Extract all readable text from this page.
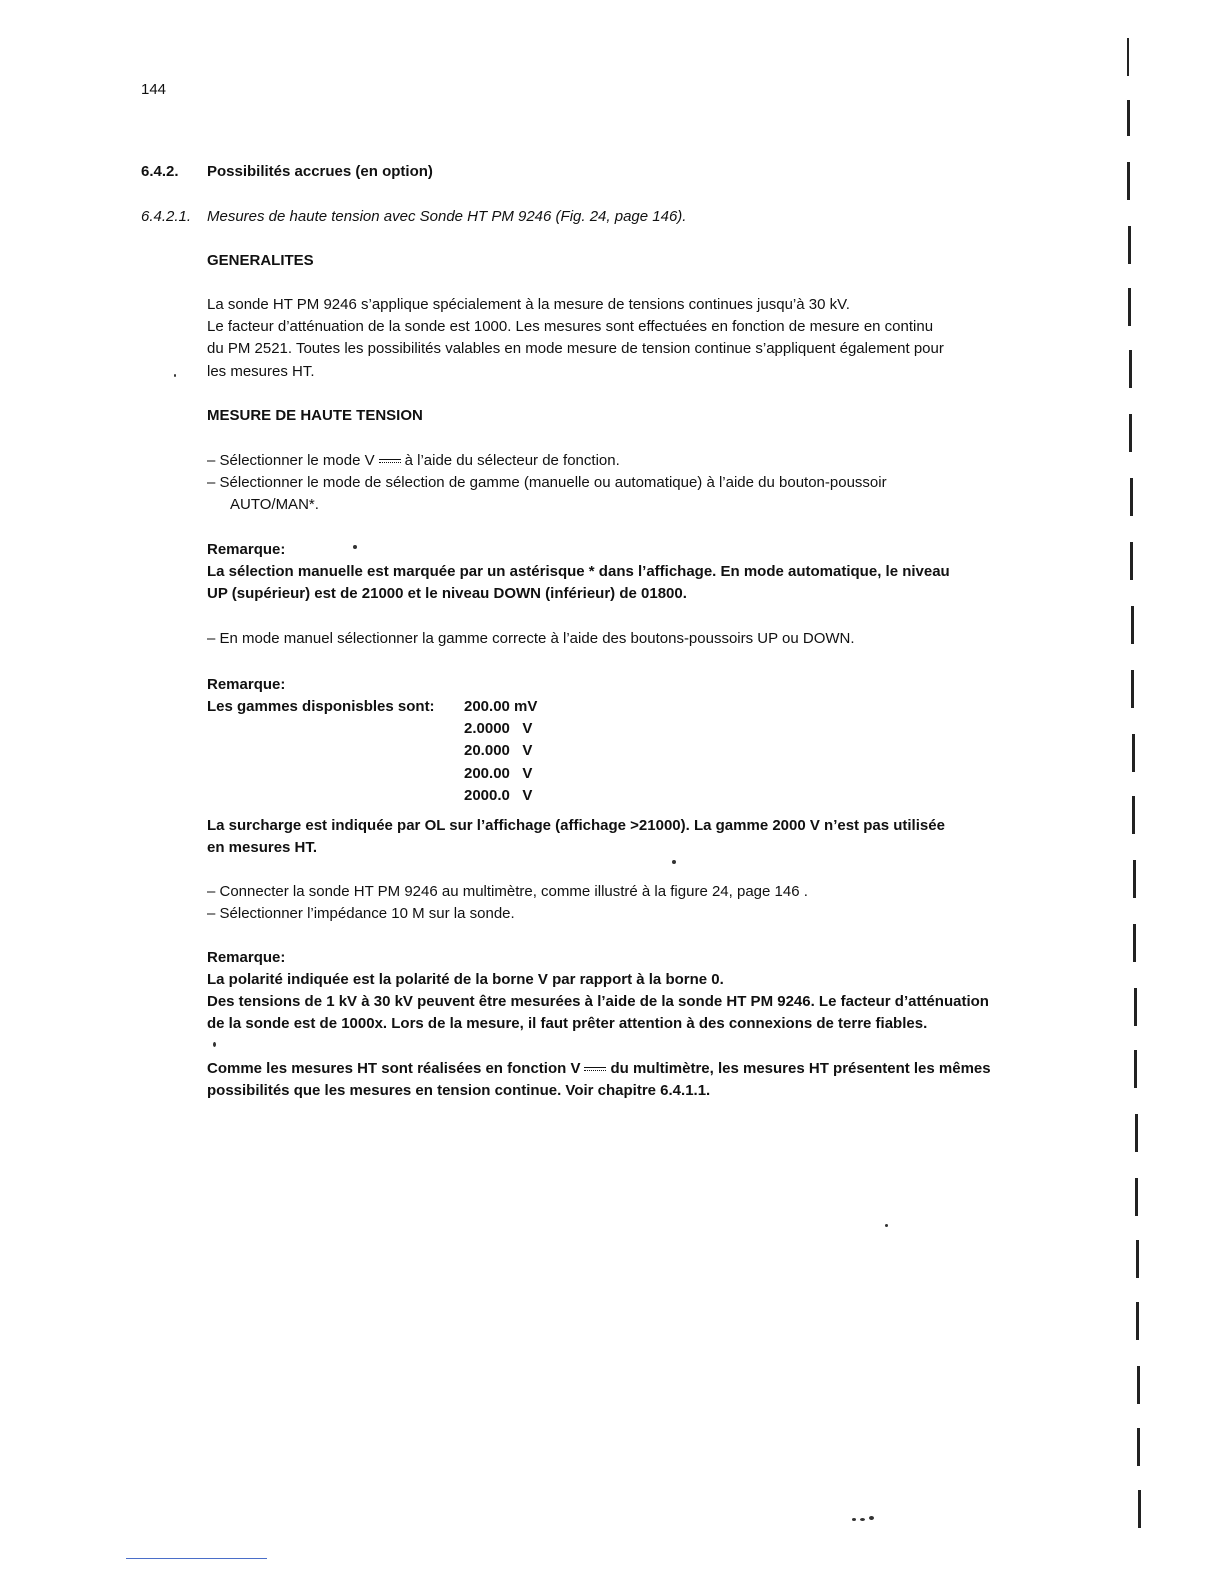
144
6.4.2. Possibilités accrues (en option)
6.4.2.1. Mesures de haute tension avec Sonde HT PM 9246 (Fig. 24, page 146).
GENERALITES
La sonde HT PM 9246 s’applique spécialement à la mesure de tensions continues jusqu’à 30 kV.
Le facteur d’atténuation de la sonde est 1000. Les mesures sont effectuées en fonction de mesure en continu
du PM 2521. Toutes les possibilités valables en mode mesure de tension continue s’appliquent également pour
les mesures HT.
MESURE DE HAUTE TENSION
– Sélectionner le mode V à l’aide du sélecteur de fonction.
– Sélectionner le mode de sélection de gamme (manuelle ou automatique) à l’aide du bouton-poussoir
AUTO/MAN*.
Remarque:
La sélection manuelle est marquée par un astérisque * dans l’affichage. En mode automatique, le niveau
UP (supérieur) est de 21000 et le niveau DOWN (inférieur) de 01800.
– En mode manuel sélectionner la gamme correcte à l’aide des boutons-poussoirs UP ou DOWN.
Remarque:
Les gammes disponisbles sont: 200.00 mV
2.0000   V
20.000   V
200.00   V
2000.0   V
La surcharge est indiquée par OL sur l’affichage (affichage >21000). La gamme 2000 V n’est pas utilisée
en mesures HT.
– Connecter la sonde HT PM 9246 au multimètre, comme illustré à la figure 24, page 146 .
– Sélectionner l’impédance 10 M sur la sonde.
Remarque:
La polarité indiquée est la polarité de la borne V par rapport à la borne 0.
Des tensions de 1 kV à 30 kV peuvent être mesurées à l’aide de la sonde HT PM 9246. Le facteur d’atténuation
de la sonde est de 1000x. Lors de la mesure, il faut prêter attention à des connexions de terre fiables.
Comme les mesures HT sont réalisées en fonction V du multimètre, les mesures HT présentent les mêmes
possibilités que les mesures en tension continue. Voir chapitre 6.4.1.1.
